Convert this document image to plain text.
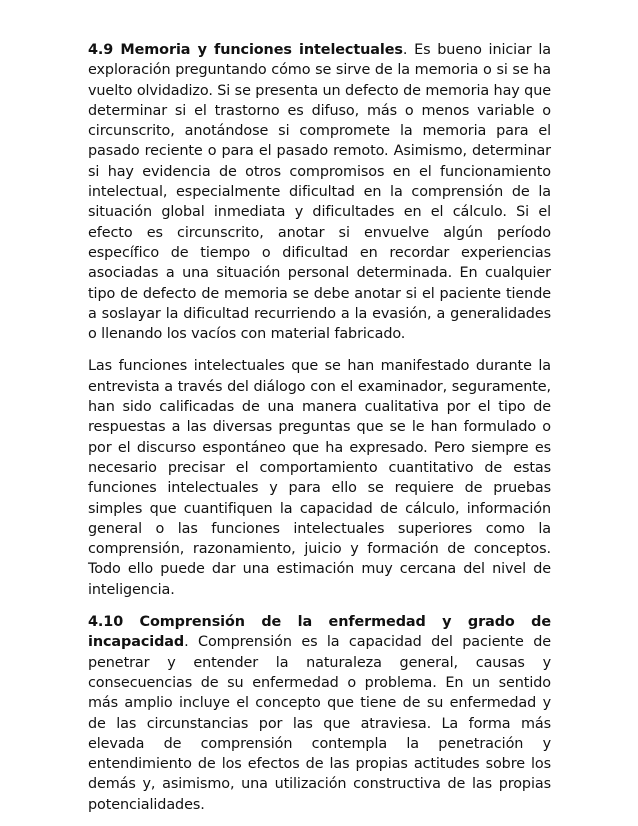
4.9 Memoria y funciones intelectuales. Es bueno iniciar la exploración preguntando cómo se sirve de la memoria o si se ha vuelto olvidadizo. Si se presenta un defecto de memoria hay que determinar si el trastorno es difuso, más o menos variable o circunscrito, anotándose si compromete la memoria para el pasado reciente o para el pasado remoto. Asimismo, determinar si hay evidencia de otros compromisos en el funcionamiento intelectual, especialmente dificultad en la comprensión de la situación global inmediata y dificultades en el cálculo. Si el efecto es circunscrito, anotar si envuelve algún período específico de tiempo o dificultad en recordar experiencias asociadas a una situación personal determinada. En cualquier tipo de defecto de memoria se debe anotar si el paciente tiende a soslayar la dificultad recurriendo a la evasión, a generalidades o llenando los vacíos con material fabricado.

Las funciones intelectuales que se han manifestado durante la entrevista a través del diálogo con el examinador, seguramente, han sido calificadas de una manera cualitativa por el tipo de respuestas a las diversas preguntas que se le han formulado o por el discurso espontáneo que ha expresado. Pero siempre es necesario precisar el comportamiento cuantitativo de estas funciones intelectuales y para ello se requiere de pruebas simples que cuantifiquen la capacidad de cálculo, información general o las funciones intelectuales superiores como la comprensión, razonamiento, juicio y formación de conceptos. Todo ello puede dar una estimación muy cercana del nivel de inteligencia.

4.10 Comprensión de la enfermedad y grado de incapacidad. Comprensión es la capacidad del paciente de penetrar y entender la naturaleza general, causas y consecuencias de su enfermedad o problema. En un sentido más amplio incluye el concepto que tiene de su enfermedad y de las circunstancias por las que atraviesa. La forma más elevada de comprensión contempla la penetración y entendimiento de los efectos de las propias actitudes sobre los demás y, asimismo, una utilización constructiva de las propias potencialidades.
